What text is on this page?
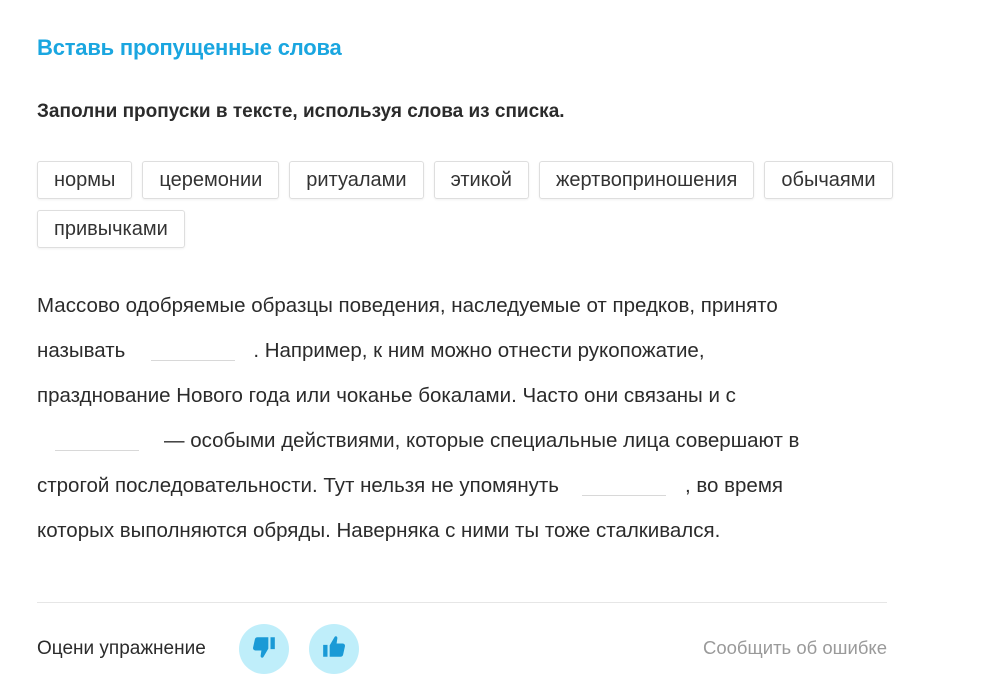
Вставь пропущенные слова

Заполни пропуски в тексте, используя слова из списка.

нормы	церемонии	ритуалами	этикой	жертвоприношения	обычаями
привычками
Массово одобряемые образцы поведения, наследуемые от предков, принято
называть	. Например, к ним можно отнести рукопожатие,
празднование Нового года или чоканье бокалами. Часто они связаны и с
— особыми действиями, которые специальные лица совершают в
строгой последовательности. Тут нельзя не упомянуть	, во время
которых выполняются обряды. Наверняка с ними ты тоже сталкивался.

Оцени упражнение	Сообщить об ошибке
